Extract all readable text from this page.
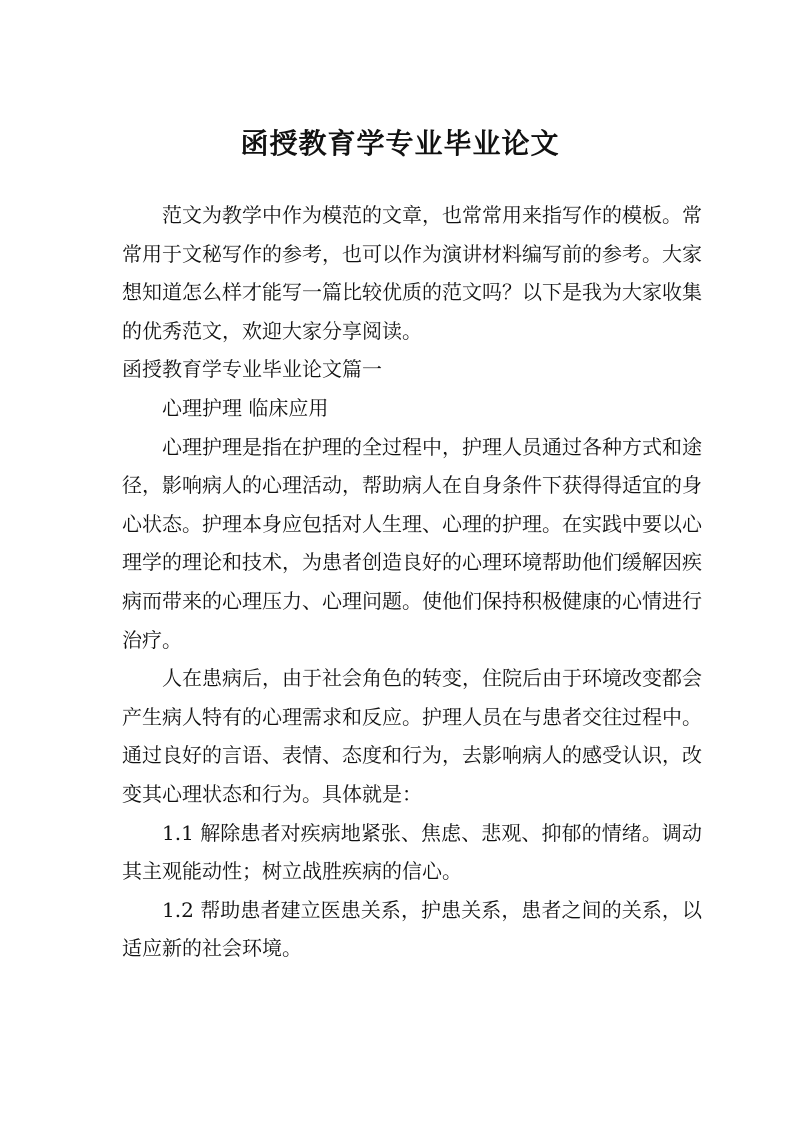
函授教育学专业毕业论文

范文为教学中作为模范的文章，也常常用来指写作的模板。常常用于文秘写作的参考，也可以作为演讲材料编写前的参考。大家想知道怎么样才能写一篇比较优质的范文吗？以下是我为大家收集的优秀范文，欢迎大家分享阅读。

函授教育学专业毕业论文篇一

心理护理 临床应用

心理护理是指在护理的全过程中，护理人员通过各种方式和途径，影响病人的心理活动，帮助病人在自身条件下获得得适宜的身心状态。护理本身应包括对人生理、心理的护理。在实践中要以心理学的理论和技术，为患者创造良好的心理环境帮助他们缓解因疾病而带来的心理压力、心理问题。使他们保持积极健康的心情进行治疗。

人在患病后，由于社会角色的转变，住院后由于环境改变都会产生病人特有的心理需求和反应。护理人员在与患者交往过程中。通过良好的言语、表情、态度和行为，去影响病人的感受认识，改变其心理状态和行为。具体就是：

1.1 解除患者对疾病地紧张、焦虑、悲观、抑郁的情绪。调动其主观能动性；树立战胜疾病的信心。

1.2 帮助患者建立医患关系，护患关系，患者之间的关系，以适应新的社会环境。
